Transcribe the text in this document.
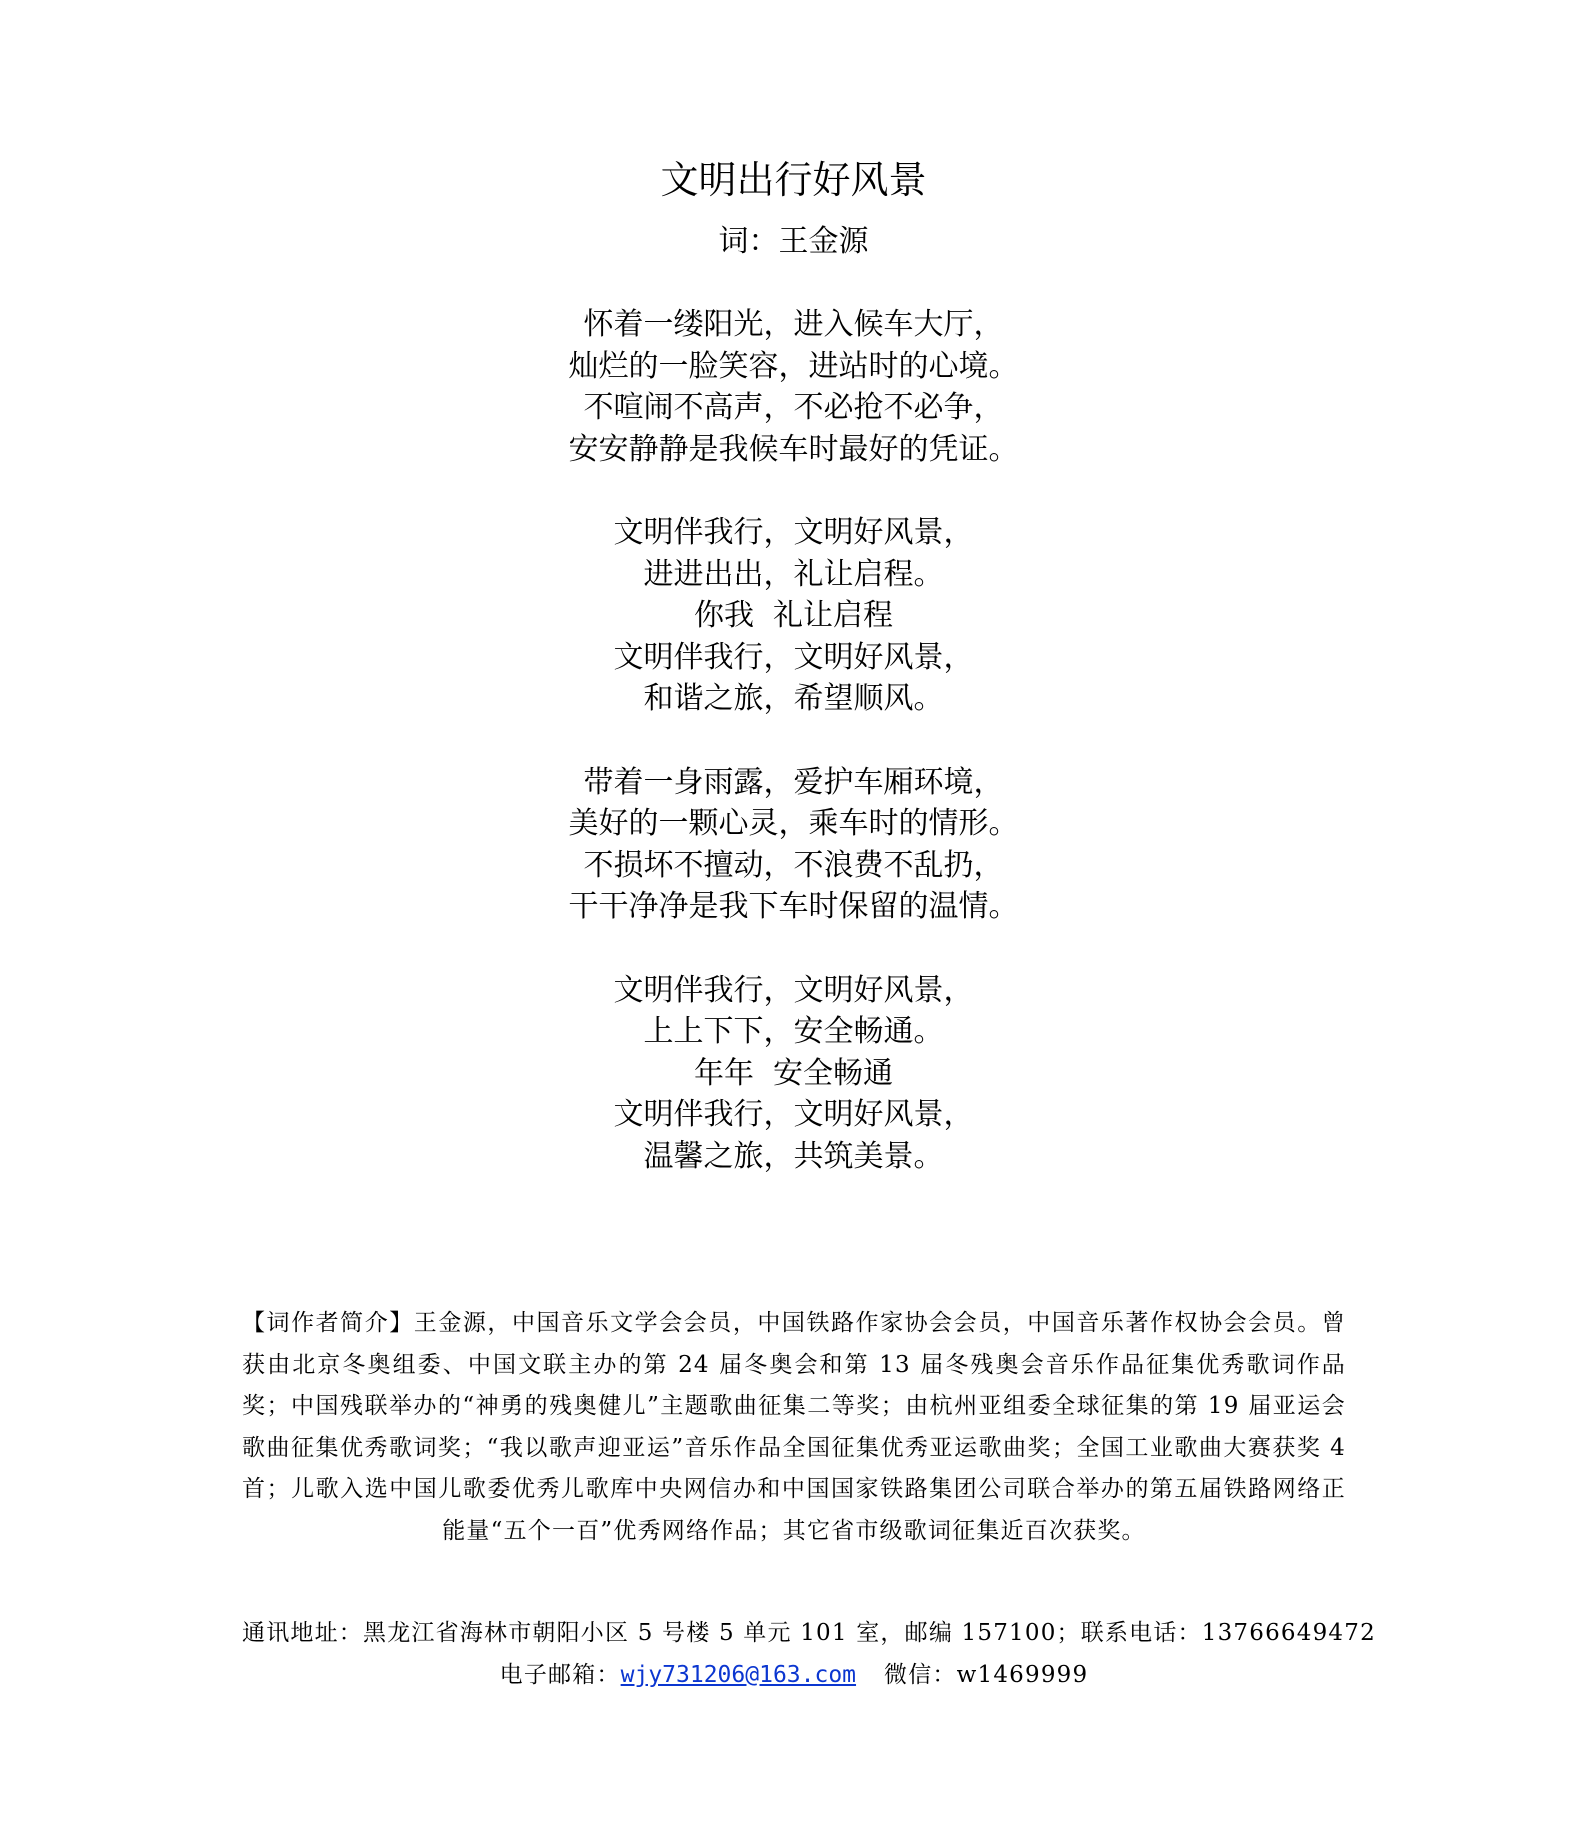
文明出行好风景
词：王金源
怀着一缕阳光，进入候车大厅，
灿烂的一脸笑容，进站时的心境。
不喧闹不高声，不必抢不必争，
安安静静是我候车时最好的凭证。
文明伴我行，文明好风景，
进进出出，礼让启程。
你我  礼让启程
文明伴我行，文明好风景，
和谐之旅，希望顺风。
带着一身雨露，爱护车厢环境，
美好的一颗心灵，乘车时的情形。
不损坏不擅动，不浪费不乱扔，
干干净净是我下车时保留的温情。
文明伴我行，文明好风景，
上上下下，安全畅通。
年年  安全畅通
文明伴我行，文明好风景，
温馨之旅，共筑美景。
【词作者简介】王金源，中国音乐文学会会员，中国铁路作家协会会员，中国音乐著作权协会会员。曾获由北京冬奥组委、中国文联主办的第 24 届冬奥会和第 13 届冬残奥会音乐作品征集优秀歌词作品奖；中国残联举办的“神勇的残奥健儿”主题歌曲征集二等奖；由杭州亚组委全球征集的第 19 届亚运会歌曲征集优秀歌词奖；“我以歌声迎亚运”音乐作品全国征集优秀亚运歌曲奖；全国工业歌曲大赛获奖 4 首；儿歌入选中国儿歌委优秀儿歌库中央网信办和中国国家铁路集团公司联合举办的第五届铁路网络正能量“五个一百”优秀网络作品；其它省市级歌词征集近百次获奖。
通讯地址：黑龙江省海林市朝阳小区 5 号楼 5 单元 101 室，邮编 157100；联系电话：13766649472
电子邮箱：wjy731206@163.com 微信：w1469999
